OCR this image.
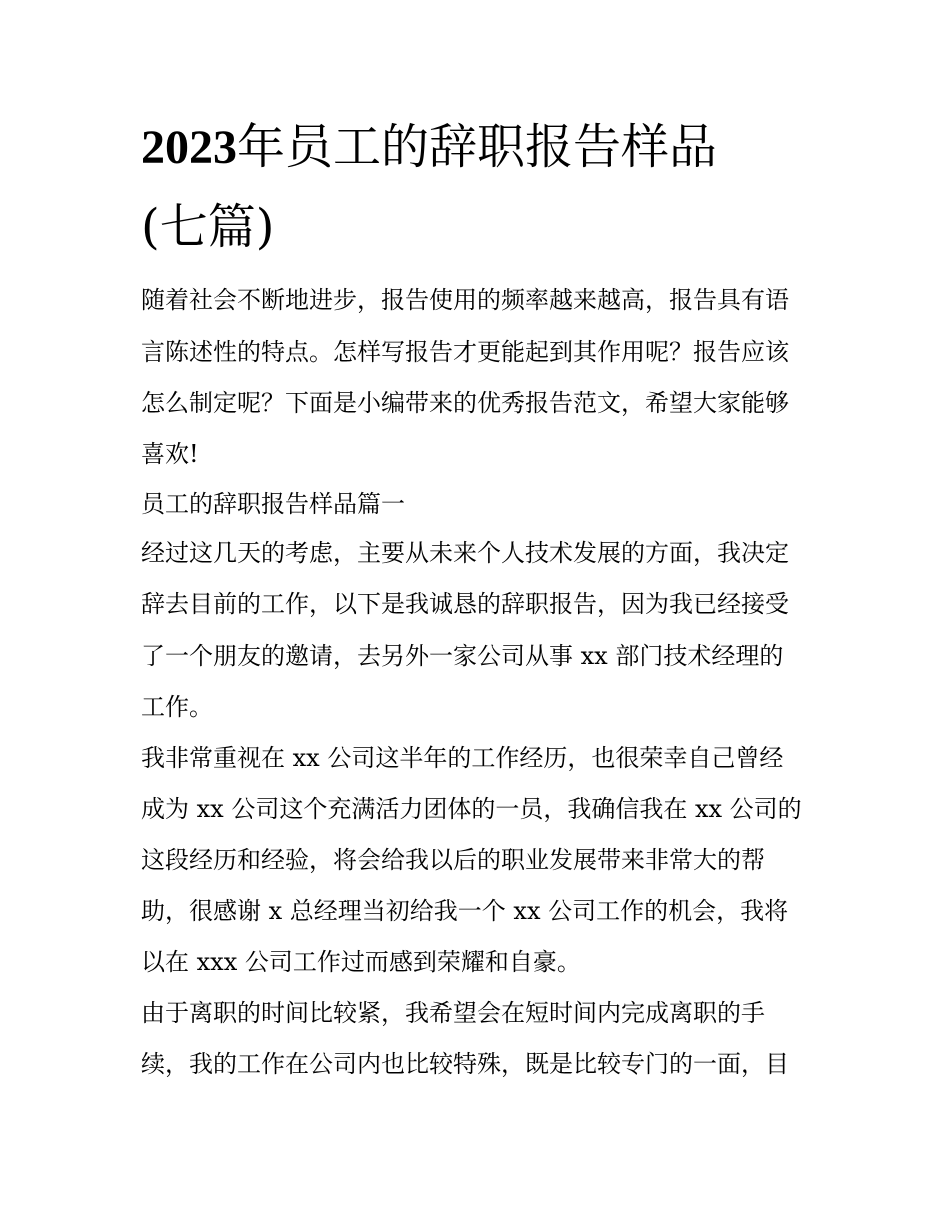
2023年员工的辞职报告样品
(七篇)

随着社会不断地进步，报告使用的频率越来越高，报告具有语

言陈述性的特点。怎样写报告才更能起到其作用呢？报告应该

怎么制定呢？下面是小编带来的优秀报告范文，希望大家能够

喜欢!

员工的辞职报告样品篇一

经过这几天的考虑，主要从未来个人技术发展的方面，我决定

辞去目前的工作，以下是我诚恳的辞职报告，因为我已经接受

了一个朋友的邀请，去另外一家公司从事 xx 部门技术经理的

工作。

我非常重视在 xx 公司这半年的工作经历，也很荣幸自己曾经

成为 xx 公司这个充满活力团体的一员，我确信我在 xx 公司的

这段经历和经验，将会给我以后的职业发展带来非常大的帮

助，很感谢 x 总经理当初给我一个 xx 公司工作的机会，我将

以在 xxx 公司工作过而感到荣耀和自豪。

由于离职的时间比较紧，我希望会在短时间内完成离职的手

续，我的工作在公司内也比较特殊，既是比较专门的一面，目
